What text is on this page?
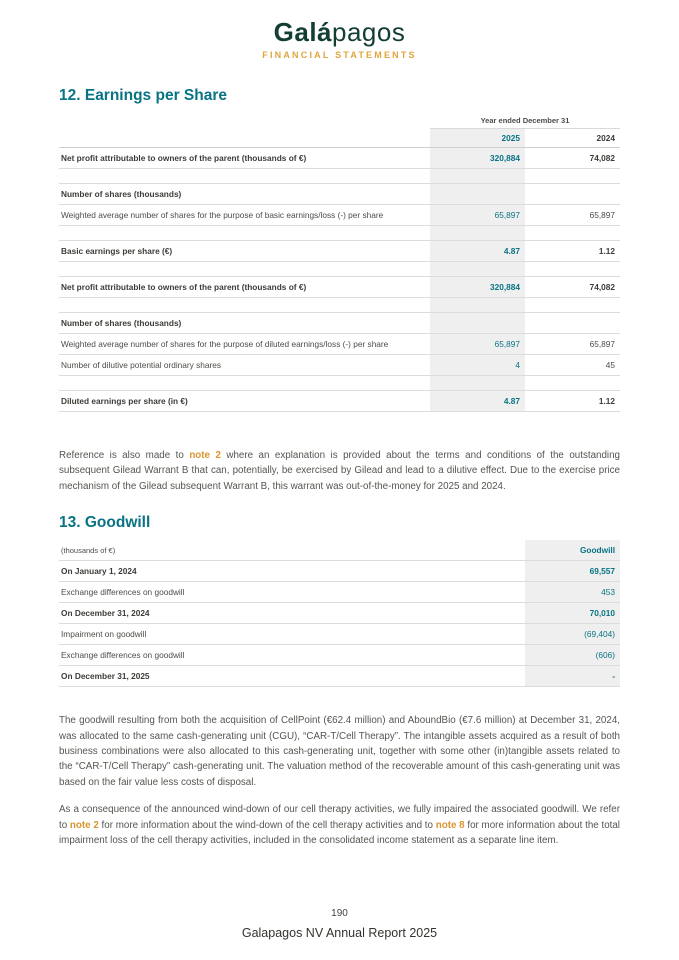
Galápagos
FINANCIAL STATEMENTS
12. Earnings per Share
	Year ended December 31	
	2025	2024
Net profit attributable to owners of the parent (thousands of €)	320,884	74,082

Number of shares (thousands)		
Weighted average number of shares for the purpose of basic earnings/loss (-) per share	65,897	65,897

Basic earnings per share (€)	4.87	1.12

Net profit attributable to owners of the parent (thousands of €)	320,884	74,082

Number of shares (thousands)		
Weighted average number of shares for the purpose of diluted earnings/loss (-) per share	65,897	65,897
Number of dilutive potential ordinary shares	4	45

Diluted earnings per share (in €)	4.87	1.12

Reference is also made to note 2 where an explanation is provided about the terms and conditions of the outstanding subsequent Gilead Warrant B that can, potentially, be exercised by Gilead and lead to a dilutive effect. Due to the exercise price mechanism of the Gilead subsequent Warrant B, this warrant was out-of-the-money for 2025 and 2024.

13. Goodwill
(thousands of €)	Goodwill
On January 1, 2024	69,557
Exchange differences on goodwill	453
On December 31, 2024	70,010
Impairment on goodwill	(69,404)
Exchange differences on goodwill	(606)
On December 31, 2025	-

The goodwill resulting from both the acquisition of CellPoint (€62.4 million) and AboundBio (€7.6 million) at December 31, 2024, was allocated to the same cash-generating unit (CGU), “CAR-T/Cell Therapy”. The intangible assets acquired as a result of both business combinations were also allocated to this cash-generating unit, together with some other (in)tangible assets related to the “CAR-T/Cell Therapy” cash-generating unit. The valuation method of the recoverable amount of this cash-generating unit was based on the fair value less costs of disposal.

As a consequence of the announced wind-down of our cell therapy activities, we fully impaired the associated goodwill. We refer to note 2 for more information about the wind-down of the cell therapy activities and to note 8 for more information about the total impairment loss of the cell therapy activities, included in the consolidated income statement as a separate line item.

190
Galapagos NV Annual Report 2025
